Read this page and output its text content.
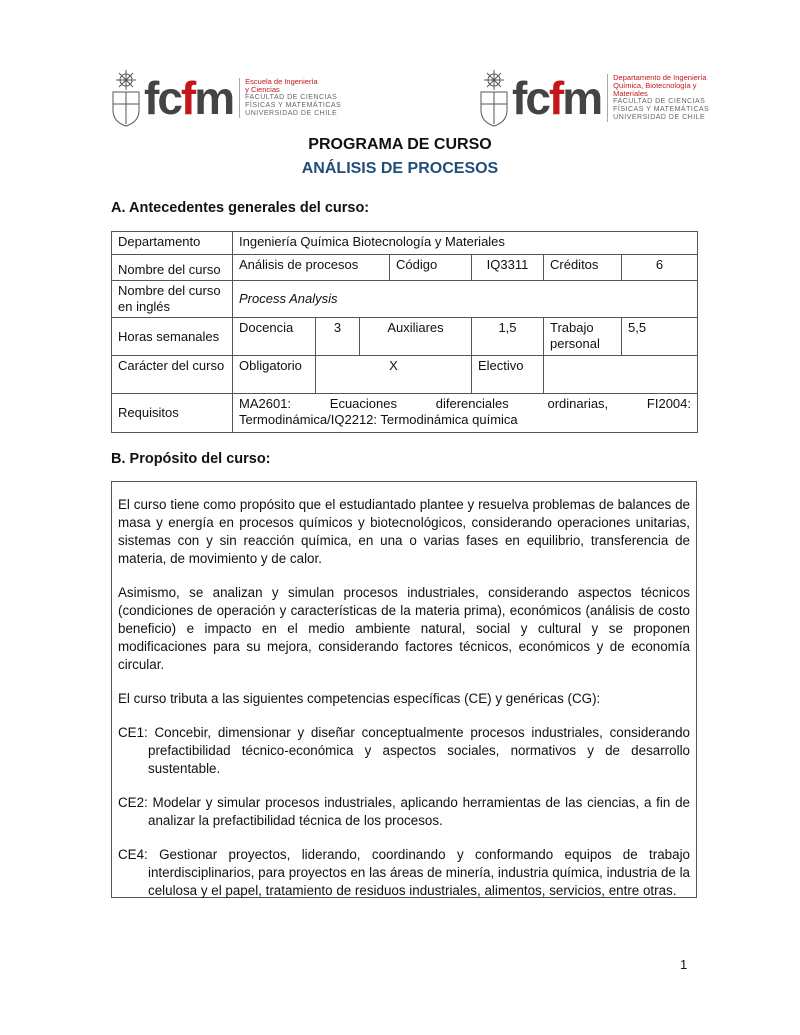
fcfm Escuela de Ingeniería
y Ciencias
FACULTAD DE CIENCIAS
FÍSICAS Y MATEMÁTICAS
UNIVERSIDAD DE CHILE	fcfm Departamento de Ingeniería
Química, Biotecnología y
Materiales
FACULTAD DE CIENCIAS
FÍSICAS Y MATEMÁTICAS
UNIVERSIDAD DE CHILE
PROGRAMA DE CURSO
ANÁLISIS DE PROCESOS
A. Antecedentes generales del curso:
Departamento	Ingeniería Química Biotecnología y Materiales						
Nombre del curso	Análisis de procesos			Código	IQ3311	Créditos	6
Nombre del curso en inglés	Process Analysis						
Horas semanales	Docencia	3	Auxiliares		1,5	Trabajo personal	5,5
Carácter del curso	Obligatorio	X			Electivo		
Requisitos	MA2601: Ecuaciones diferenciales ordinarias, FI2004: Termodinámica/IQ2212: Termodinámica química						
B. Propósito del curso:

El curso tiene como propósito que el estudiantado plantee y resuelva problemas de balances de masa y energía en procesos químicos y biotecnológicos, considerando operaciones unitarias, sistemas con y sin reacción química, en una o varias fases en equilibrio, transferencia de materia, de movimiento y de calor.

Asimismo, se analizan y simulan procesos industriales, considerando aspectos técnicos (condiciones de operación y características de la materia prima), económicos (análisis de costo beneficio) e impacto en el medio ambiente natural, social y cultural y se proponen modificaciones para su mejora, considerando factores técnicos, económicos y de economía circular.

El curso tributa a las siguientes competencias específicas (CE) y genéricas (CG):

CE1: Concebir, dimensionar y diseñar conceptualmente procesos industriales, considerando prefactibilidad técnico-económica y aspectos sociales, normativos y de desarrollo sustentable.

CE2: Modelar y simular procesos industriales, aplicando herramientas de las ciencias, a fin de analizar la prefactibilidad técnica de los procesos.

CE4: Gestionar proyectos, liderando, coordinando y conformando equipos de trabajo interdisciplinarios, para proyectos en las áreas de minería, industria química, industria de la celulosa y el papel, tratamiento de residuos industriales, alimentos, servicios, entre otras.

1
